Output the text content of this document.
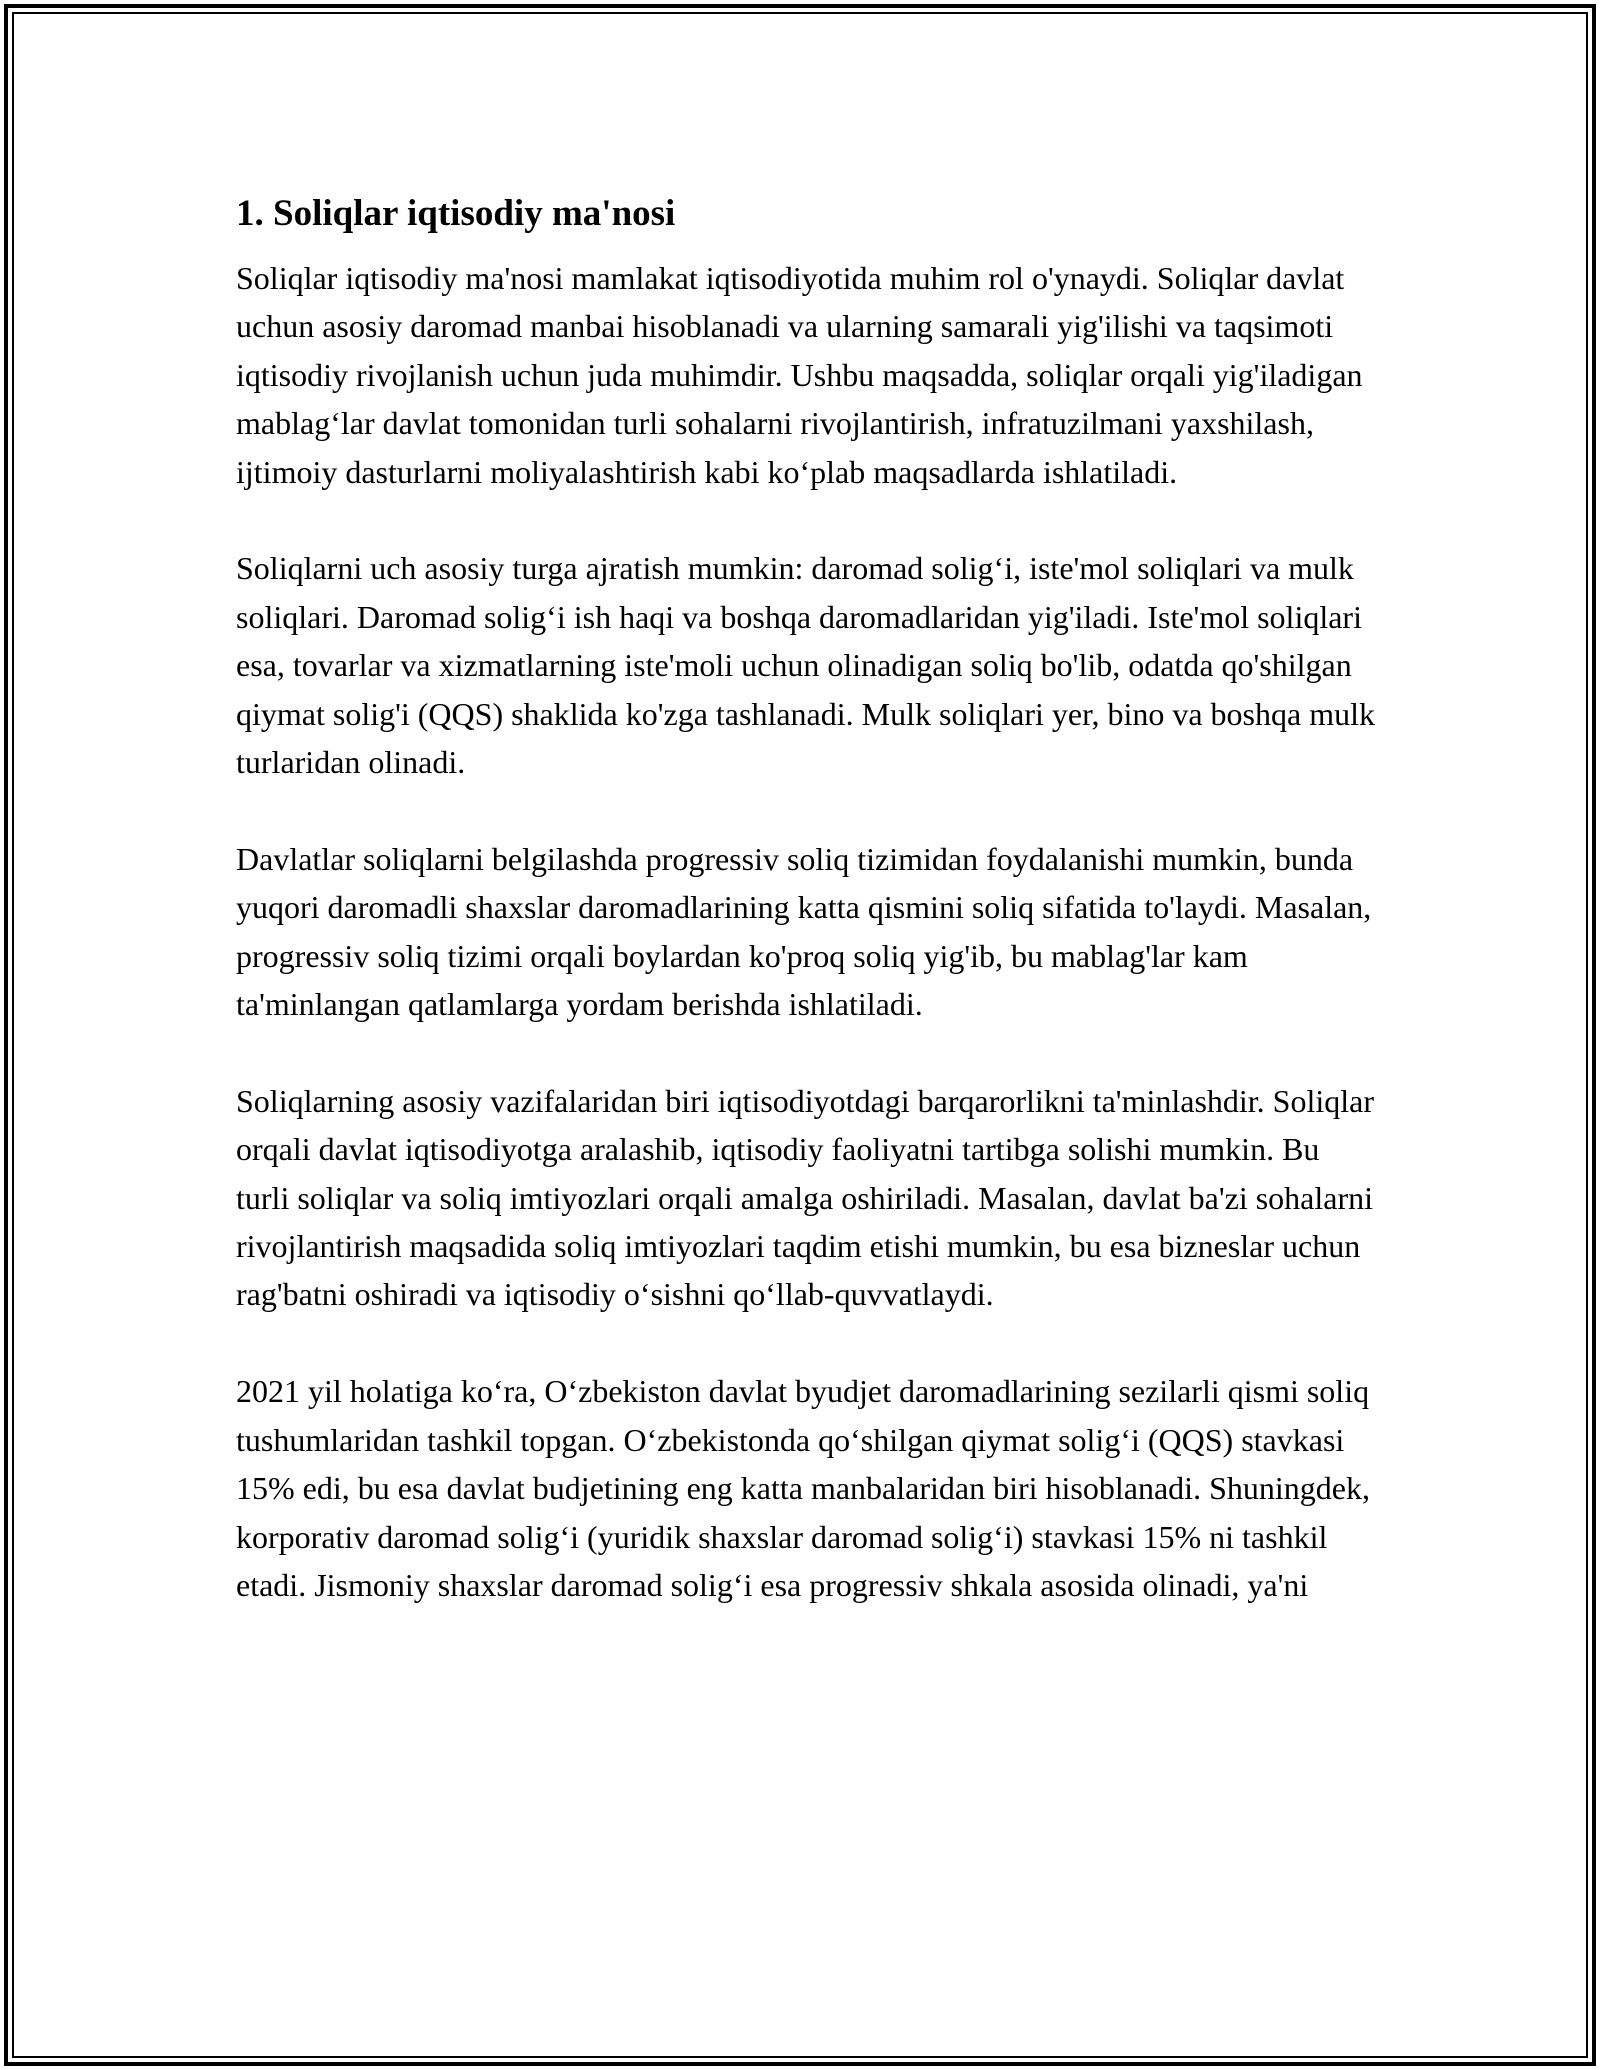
1. Soliqlar iqtisodiy ma'nosi

Soliqlar iqtisodiy ma'nosi mamlakat iqtisodiyotida muhim rol o'ynaydi. Soliqlar davlat uchun asosiy daromad manbai hisoblanadi va ularning samarali yig'ilishi va taqsimoti iqtisodiy rivojlanish uchun juda muhimdir. Ushbu maqsadda, soliqlar orqali yig'iladigan mablag‘lar davlat tomonidan turli sohalarni rivojlantirish, infratuzilmani yaxshilash, ijtimoiy dasturlarni moliyalashtirish kabi ko‘plab maqsadlarda ishlatiladi.

Soliqlarni uch asosiy turga ajratish mumkin: daromad solig‘i, iste'mol soliqlari va mulk soliqlari. Daromad solig‘i ish haqi va boshqa daromadlaridan yig'iladi. Iste'mol soliqlari esa, tovarlar va xizmatlarning iste'moli uchun olinadigan soliq bo'lib, odatda qo'shilgan qiymat solig'i (QQS) shaklida ko'zga tashlanadi. Mulk soliqlari yer, bino va boshqa mulk turlaridan olinadi.

Davlatlar soliqlarni belgilashda progressiv soliq tizimidan foydalanishi mumkin, bunda yuqori daromadli shaxslar daromadlarining katta qismini soliq sifatida to'laydi. Masalan, progressiv soliq tizimi orqali boylardan ko'proq soliq yig'ib, bu mablag'lar kam ta'minlangan qatlamlarga yordam berishda ishlatiladi.

Soliqlarning asosiy vazifalaridan biri iqtisodiyotdagi barqarorlikni ta'minlashdir. Soliqlar orqali davlat iqtisodiyotga aralashib, iqtisodiy faoliyatni tartibga solishi mumkin. Bu turli soliqlar va soliq imtiyozlari orqali amalga oshiriladi. Masalan, davlat ba'zi sohalarni rivojlantirish maqsadida soliq imtiyozlari taqdim etishi mumkin, bu esa bizneslar uchun rag'batni oshiradi va iqtisodiy o‘sishni qo‘llab-quvvatlaydi.

2021 yil holatiga ko‘ra, O‘zbekiston davlat byudjet daromadlarining sezilarli qismi soliq tushumlaridan tashkil topgan. O‘zbekistonda qo‘shilgan qiymat solig‘i (QQS) stavkasi 15% edi, bu esa davlat budjetining eng katta manbalaridan biri hisoblanadi. Shuningdek, korporativ daromad solig‘i (yuridik shaxslar daromad solig‘i) stavkasi 15% ni tashkil etadi. Jismoniy shaxslar daromad solig‘i esa progressiv shkala asosida olinadi, ya'ni
